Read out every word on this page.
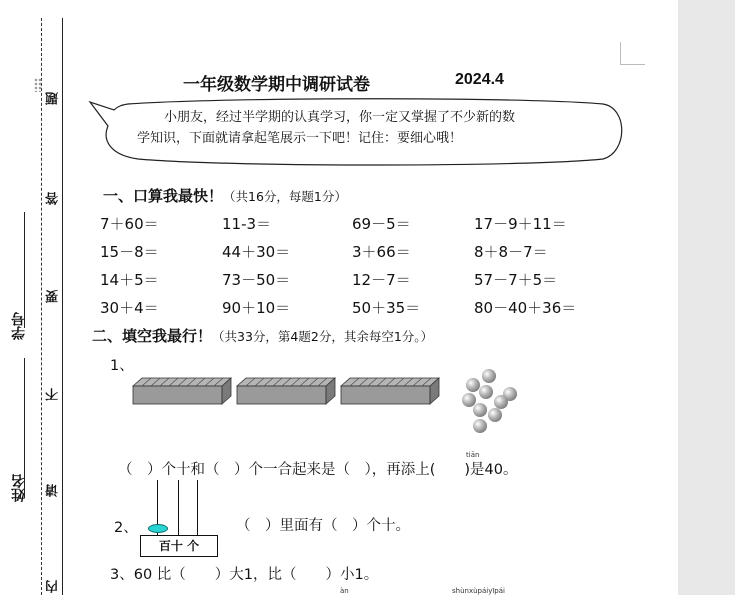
题
答
要
不
请
内
学号
姓名
一年级数学期中调研试卷	2024.4
小朋友，经过半学期的认真学习，你一定又掌握了不少新的数
学知识，下面就请拿起笔展示一下吧！记住：要细心哦！
一、口算我最快！（共16分，每题1分）
7＋60＝	11-3＝	69－5＝	17－9＋11＝
15－8＝	44＋30＝	3＋66＝	8＋8－7＝
14＋5＝	73－50＝	12－7＝	57－7＋5＝
30＋4＝	90＋10＝	50＋35＝	80－40＋36＝
二、填空我最行！（共33分，第4题2分，其余每空1分。）
1、
tiān
（　）个十和（　）个一合起来是（　），再添上(　　)是40。
2、
百十 个
（　）里面有（　）个十。
3、60 比（　　）大1，比（　　）小1。
àn	shùnxùpáiyīpái
